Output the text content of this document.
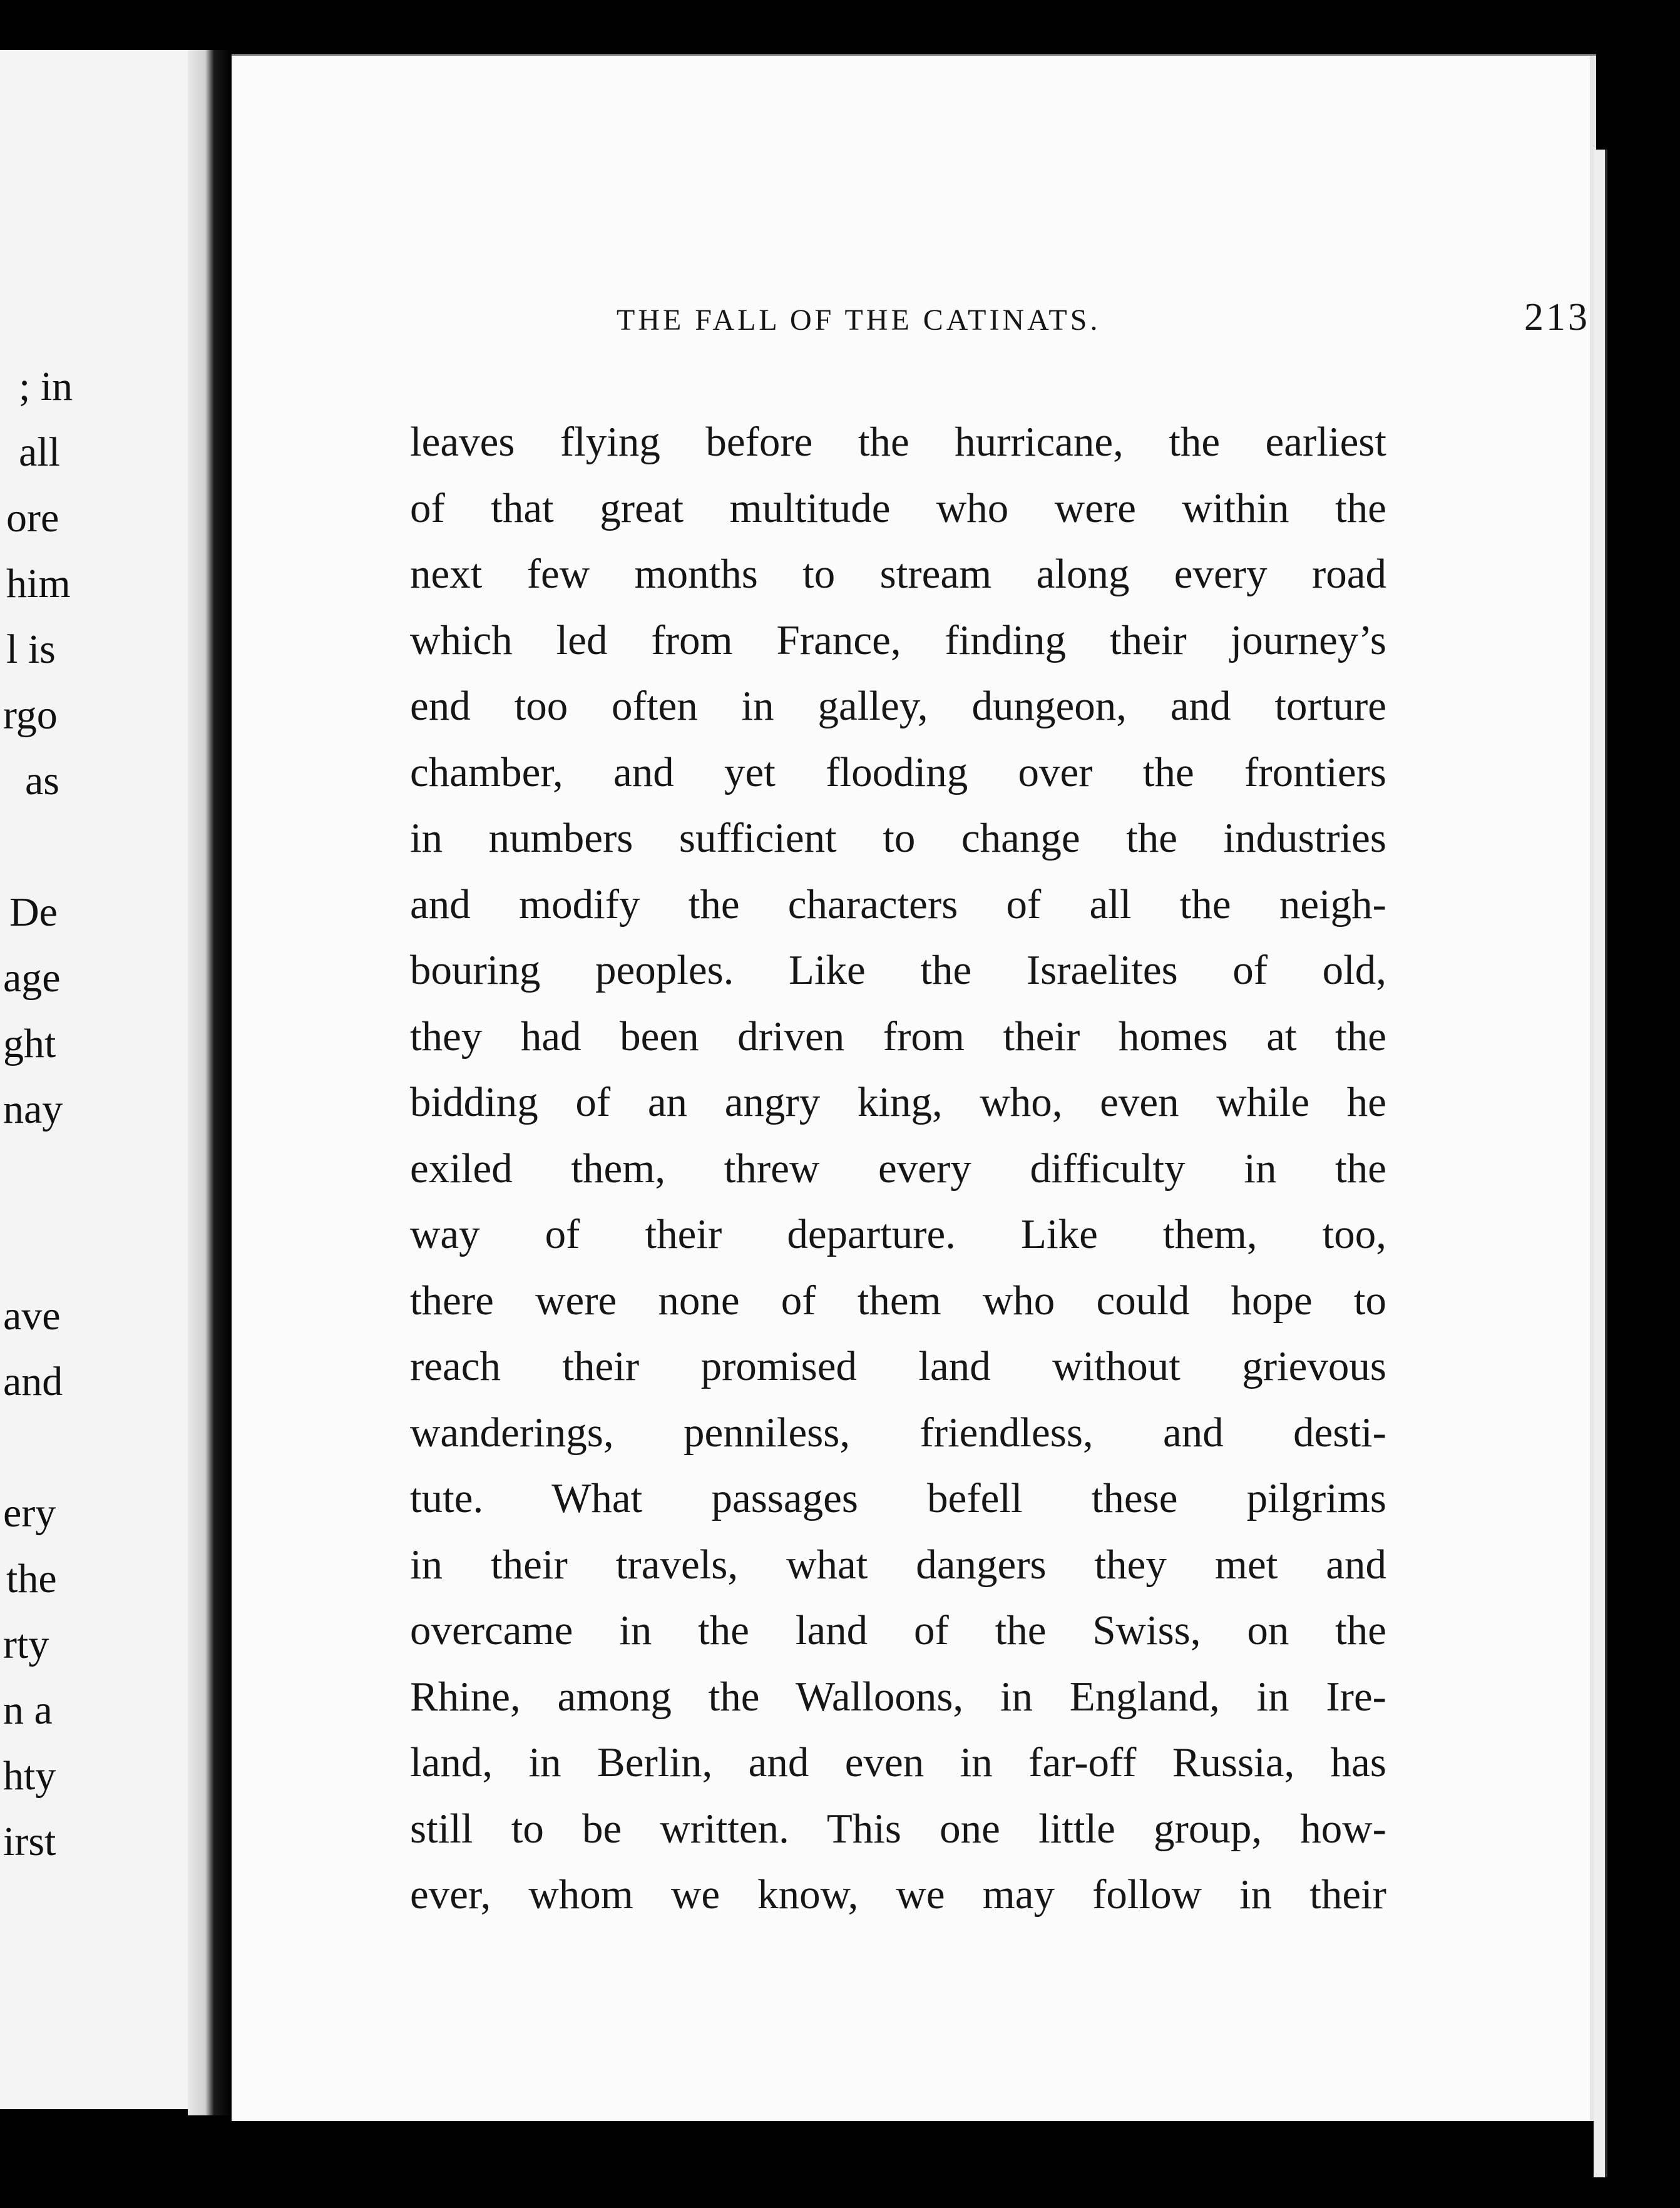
; in
all
ore
him
l is
rgo
as
De
age
ght
nay
ave
and
ery
the
rty
n a
hty
irst
THE FALL OF THE CATINATS.	213
leaves flying before the hurricane, the earliest
of that great multitude who were within the
next few months to stream along every road
which led from France, finding their journey’s
end too often in galley, dungeon, and torture
chamber, and yet flooding over the frontiers
in numbers sufficient to change the industries
and modify the characters of all the neigh-
bouring peoples. Like the Israelites of old,
they had been driven from their homes at the
bidding of an angry king, who, even while he
exiled them, threw every difficulty in the
way of their departure. Like them, too,
there were none of them who could hope to
reach their promised land without grievous
wanderings, penniless, friendless, and desti-
tute. What passages befell these pilgrims
in their travels, what dangers they met and
overcame in the land of the Swiss, on the
Rhine, among the Walloons, in England, in Ire-
land, in Berlin, and even in far-off Russia, has
still to be written. This one little group, how-
ever, whom we know, we may follow in their
